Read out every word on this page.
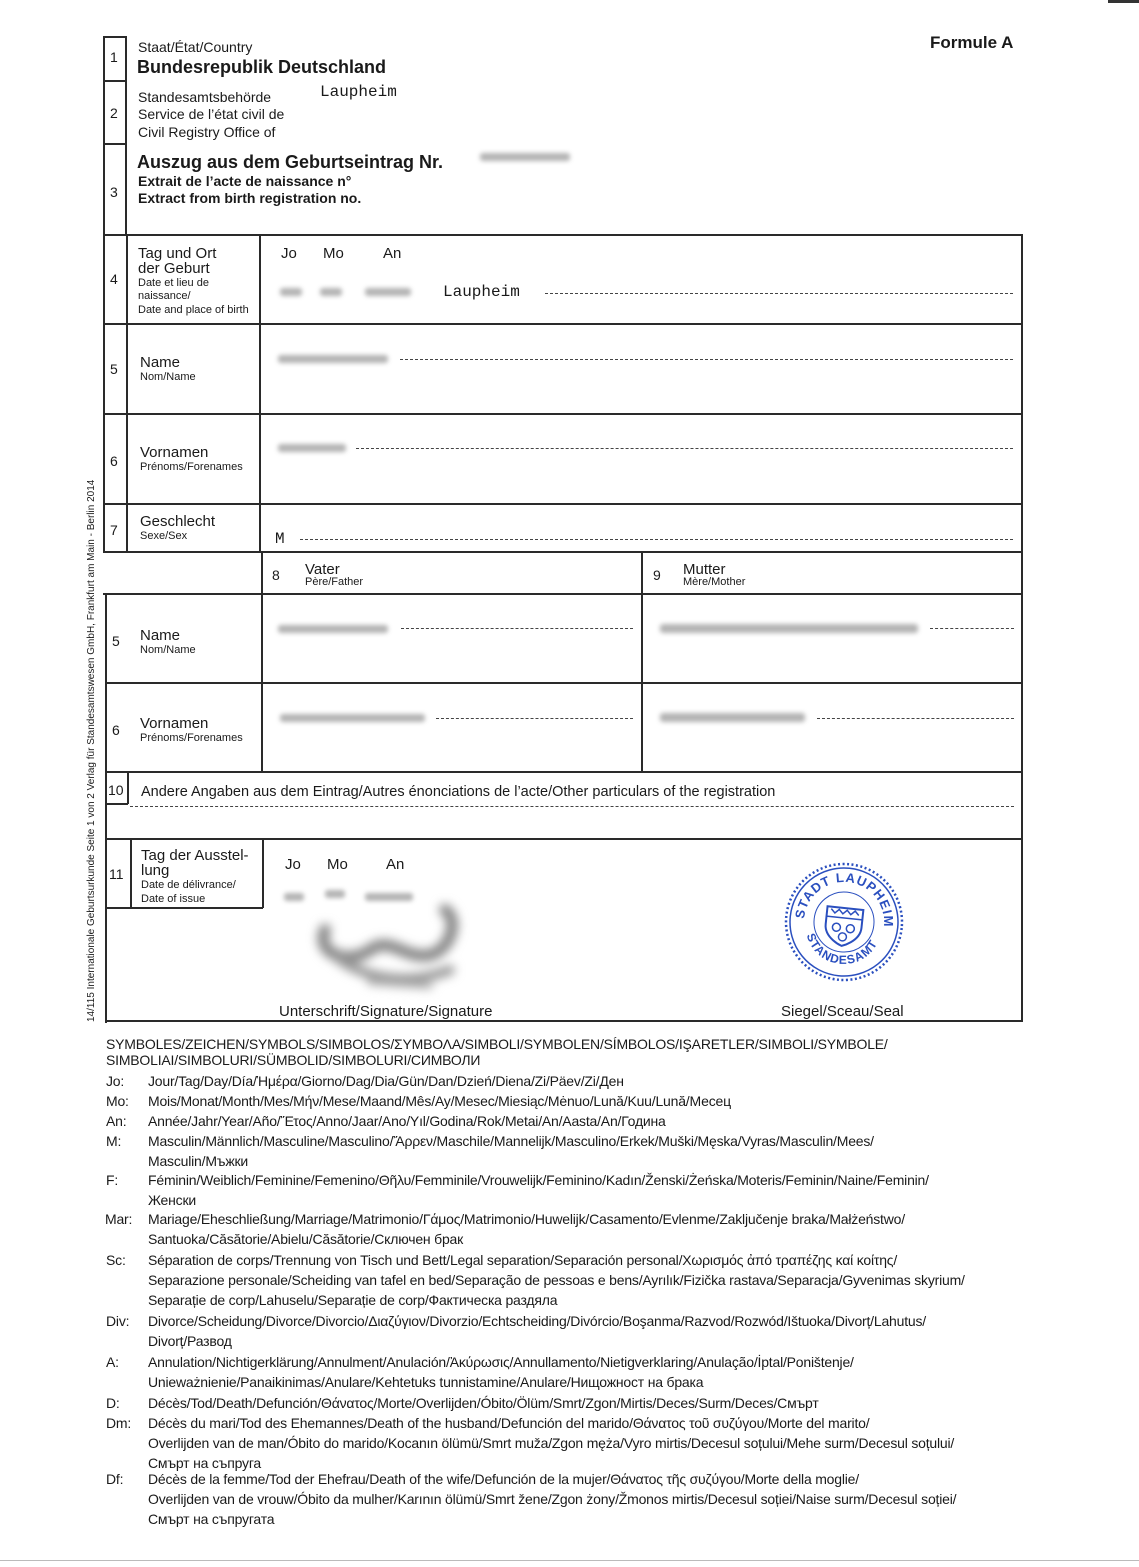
Formule A
14/115 Internationale Geburtsurkunde Seite 1 von 2 Verlag für Standesamtswesen GmbH, Frankfurt am Main - Berlin 2014
1
Staat/État/Country
Bundesrepublik Deutschland
2
Standesamtsbehörde
Service de l’état civil de
Civil Registry Office of
Laupheim
3
Auszug aus dem Geburtseintrag Nr.
Extrait de l’acte de naissance n°
Extract from birth registration no.
4
Tag und Ort
der Geburt
Date et lieu de
naissance/
Date and place of birth
Jo Mo	An
Laupheim
5 Name
Nom/Name
6 Vornamen
Prénoms/Forenames
7 Geschlecht
Sexe/Sex	M
8 Vater
Père/Father	9 Mutter
Mère/Mother
5 Name
Nom/Name
6 Vornamen
Prénoms/Forenames
10 Andere Angaben aus dem Eintrag/Autres énonciations de l’acte/Other particulars of the registration
11
Tag der Ausstel-
lung
Date de délivrance/
Date of issue
Jo Mo	An
Unterschrift/Signature/Signature
STADT LAUPHEIM
STANDESAMT
Siegel/Sceau/Seal
SYMBOLES/ZEICHEN/SYMBOLS/SIMBOLOS/ΣΥΜΒΟΛΑ/SIMBOLI/SYMBOLEN/SÍMBOLOS/IŞARETLER/SIMBOLI/SYMBOLE/
SIMBOLIAI/SIMBOLURI/SÜMBOLID/SIMBOLURI/СИМВОЛИ
Jo: Jour/Tag/Day/Día/Ἡμέρα/Giorno/Dag/Dia/Gün/Dan/Dzień/Diena/Zi/Päev/Zi/Ден
Mo: Mois/Monat/Month/Mes/Μήν/Mese/Maand/Mês/Ay/Mesec/Miesiąc/Mėnuo/Lună/Kuu/Lună/Месец
An: Année/Jahr/Year/Año/Ἔτος/Anno/Jaar/Ano/Yıl/Godina/Rok/Metai/An/Aasta/An/Година
M: Masculin/Männlich/Masculine/Masculino/Ἄρρεν/Maschile/Mannelijk/Masculino/Erkek/Muški/Męska/Vyras/Masculin/Mees/
Masculin/Мъжки
F: Féminin/Weiblich/Feminine/Femenino/Θῆλυ/Femminile/Vrouwelijk/Feminino/Kadın/Ženski/Żeńska/Moteris/Feminin/Naine/Feminin/
Женски
Mar: Mariage/Eheschließung/Marriage/Matrimonio/Γάμος/Matrimonio/Huwelijk/Casamento/Evlenme/Zaključenje braka/Małżeństwo/
Santuoka/Căsătorie/Abielu/Căsătorie/Сключен брак
Sc: Séparation de corps/Trennung von Tisch und Bett/Legal separation/Separación personal/Χωρισμός ἀπό τραπέζης καί κοίτης/
Separazione personale/Scheiding van tafel en bed/Separação de pessoas e bens/Ayrılık/Fizička rastava/Separacja/Gyvenimas skyrium/
Separație de corp/Lahuselu/Separație de corp/Фактическа раздяла
Div: Divorce/Scheidung/Divorce/Divorcio/Διαζύγιον/Divorzio/Echtscheiding/Divórcio/Boşanma/Razvod/Rozwód/Ištuoka/Divorț/Lahutus/
Divorț/Развод
A: Annulation/Nichtigerklärung/Annulment/Anulación/Ἀκύρωσις/Annullamento/Nietigverklaring/Anulação/İptal/Poništenje/
Unieważnienie/Panaikinimas/Anulare/Kehtetuks tunnistamine/Anulare/Нищожност на брака
D: Décès/Tod/Death/Defunción/Θάνατος/Morte/Overlijden/Óbito/Ölüm/Smrt/Zgon/Mirtis/Deces/Surm/Deces/Смърт
Dm: Décès du mari/Tod des Ehemannes/Death of the husband/Defunción del marido/Θάνατος τοῦ συζύγου/Morte del marito/
Overlijden van de man/Óbito do marido/Kocanın ölümü/Smrt muža/Zgon męża/Vyro mirtis/Decesul soțului/Mehe surm/Decesul soțului/
Смърт на съпруга
Df: Décès de la femme/Tod der Ehefrau/Death of the wife/Defunción de la mujer/Θάνατος τῆς συζύγου/Morte della moglie/
Overlijden van de vrouw/Óbito da mulher/Karının ölümü/Smrt žene/Zgon żony/Žmonos mirtis/Decesul soției/Naise surm/Decesul soției/
Смърт на съпругата
